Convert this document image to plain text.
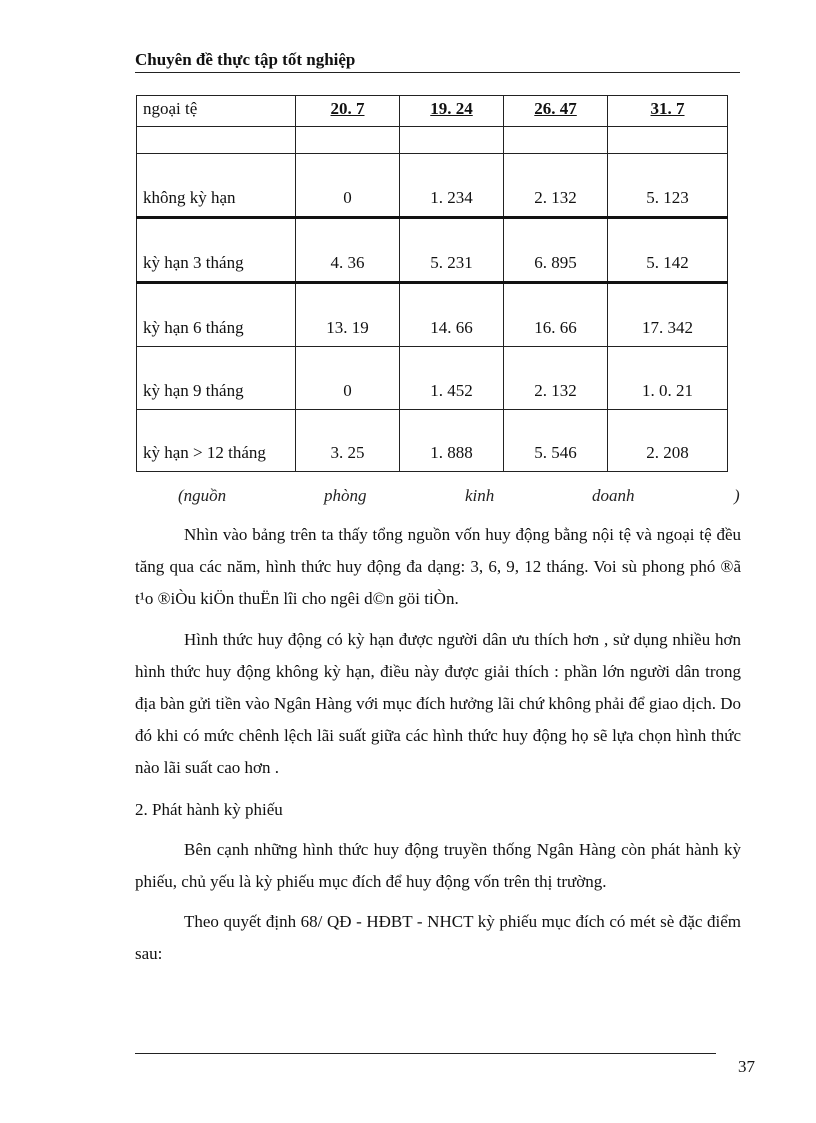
Chuyên đề thực tập tốt nghiệp
ngoại tệ	20. 7	19. 24	26. 47	31. 7

không kỳ hạn	0	1. 234	2. 132	5. 123
kỳ hạn 3 tháng	4. 36	5. 231	6. 895	5. 142
kỳ hạn 6 tháng	13. 19	14. 66	16. 66	17. 342
kỳ hạn 9 tháng	0	1. 452	2. 132	1. 0. 21
kỳ hạn > 12 tháng	3. 25	1. 888	5. 546	2. 208
(nguồn	phòng	kinh	doanh	)

Nhìn vào bảng trên ta thấy tổng nguồn vốn huy động bằng nội tệ và ngoại tệ đều tăng qua các năm, hình thức huy động đa dạng: 3, 6, 9, 12 tháng. Voi sù phong phó ®ã t¹o ®iÒu kiÖn thuËn lîi cho ngêi d©n göi tiÒn.

Hình thức huy động có kỳ hạn được người dân ưu thích hơn , sử dụng nhiều hơn hình thức huy động không kỳ hạn, điều này được giải thích : phần lớn người dân trong địa bàn gửi tiền vào Ngân Hàng với mục đích hưởng lãi chứ không phải để giao dịch. Do đó khi có mức chênh lệch lãi suất giữa các hình thức huy động họ sẽ lựa chọn hình thức nào lãi suất cao hơn .

2. Phát hành kỳ phiếu

Bên cạnh những hình thức huy động truyền thống Ngân Hàng còn phát hành kỳ phiếu, chủ yếu là kỳ phiếu mục đích để huy động vốn trên thị trường.

Theo quyết định 68/ QĐ - HĐBT - NHCT kỳ phiếu mục đích có mét sè đặc điểm sau:

37
